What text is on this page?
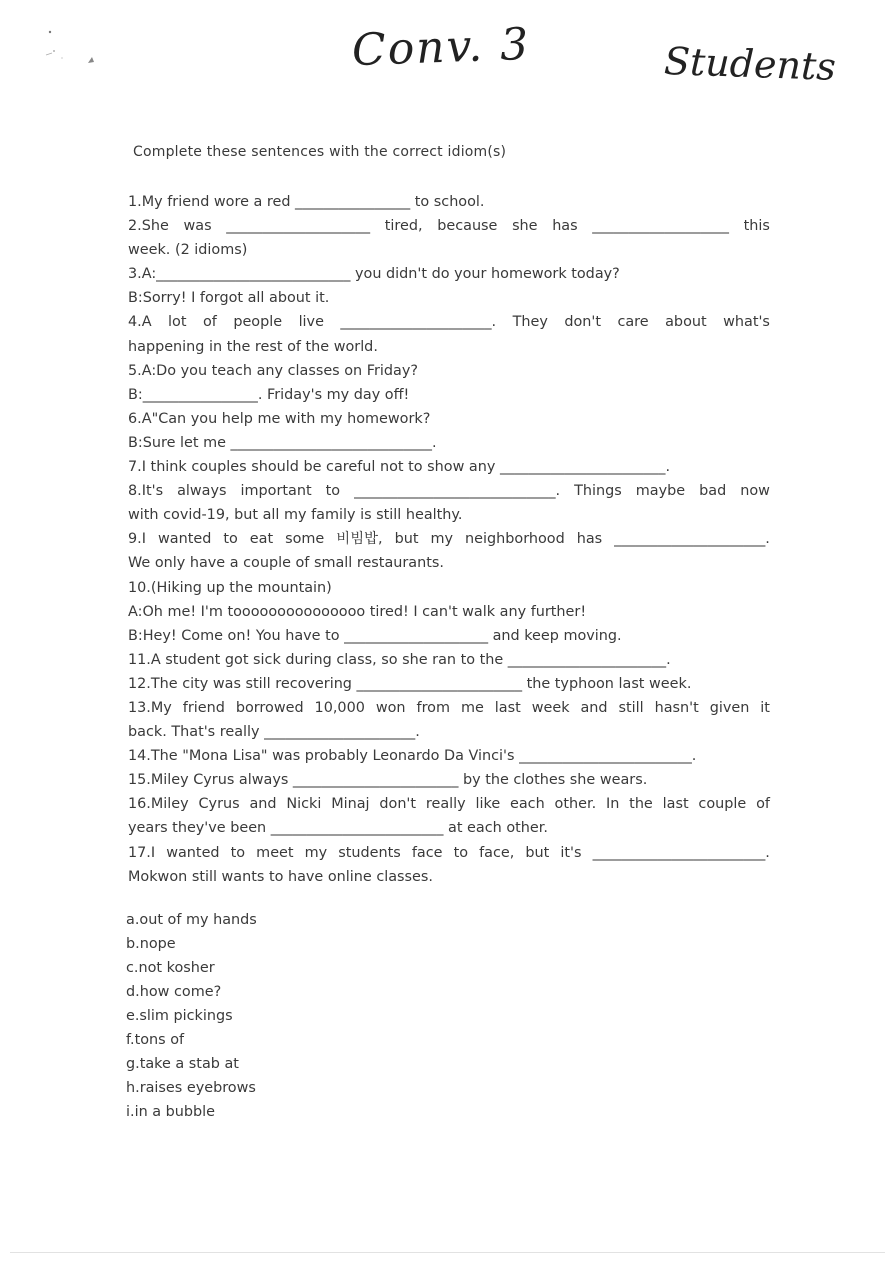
Conv. 3	Students
Complete these sentences with the correct idiom(s)
1.My friend wore a red ________________ to school.
2.She was ____________________ tired, because she has ___________________ this
week. (2 idioms)
3.A:___________________________ you didn't do your homework today?
B:Sorry! I forgot all about it.
4.A lot of people live _____________________. They don't care about what's
happening in the rest of the world.
5.A:Do you teach any classes on Friday?
B:________________. Friday's my day off!
6.A"Can you help me with my homework?
B:Sure let me ____________________________.
7.I think couples should be careful not to show any _______________________.
8.It's always important to ____________________________. Things maybe bad now
with covid-19, but all my family is still healthy.
9.I wanted to eat some 비빔밥, but my neighborhood has _____________________.
We only have a couple of small restaurants.
10.(Hiking up the mountain)
A:Oh me! I'm tooooooooooooooo tired! I can't walk any further!
B:Hey! Come on! You have to ____________________ and keep moving.
11.A student got sick during class, so she ran to the ______________________.
12.The city was still recovering _______________________ the typhoon last week.
13.My friend borrowed 10,000 won from me last week and still hasn't given it
back. That's really _____________________.
14.The "Mona Lisa" was probably Leonardo Da Vinci's ________________________.
15.Miley Cyrus always _______________________ by the clothes she wears.
16.Miley Cyrus and Nicki Minaj don't really like each other. In the last couple of
years they've been ________________________ at each other.
17.I wanted to meet my students face to face, but it's ________________________.
Mokwon still wants to have online classes.
a.out of my hands
b.nope
c.not kosher
d.how come?
e.slim pickings
f.tons of
g.take a stab at
h.raises eyebrows
i.in a bubble
